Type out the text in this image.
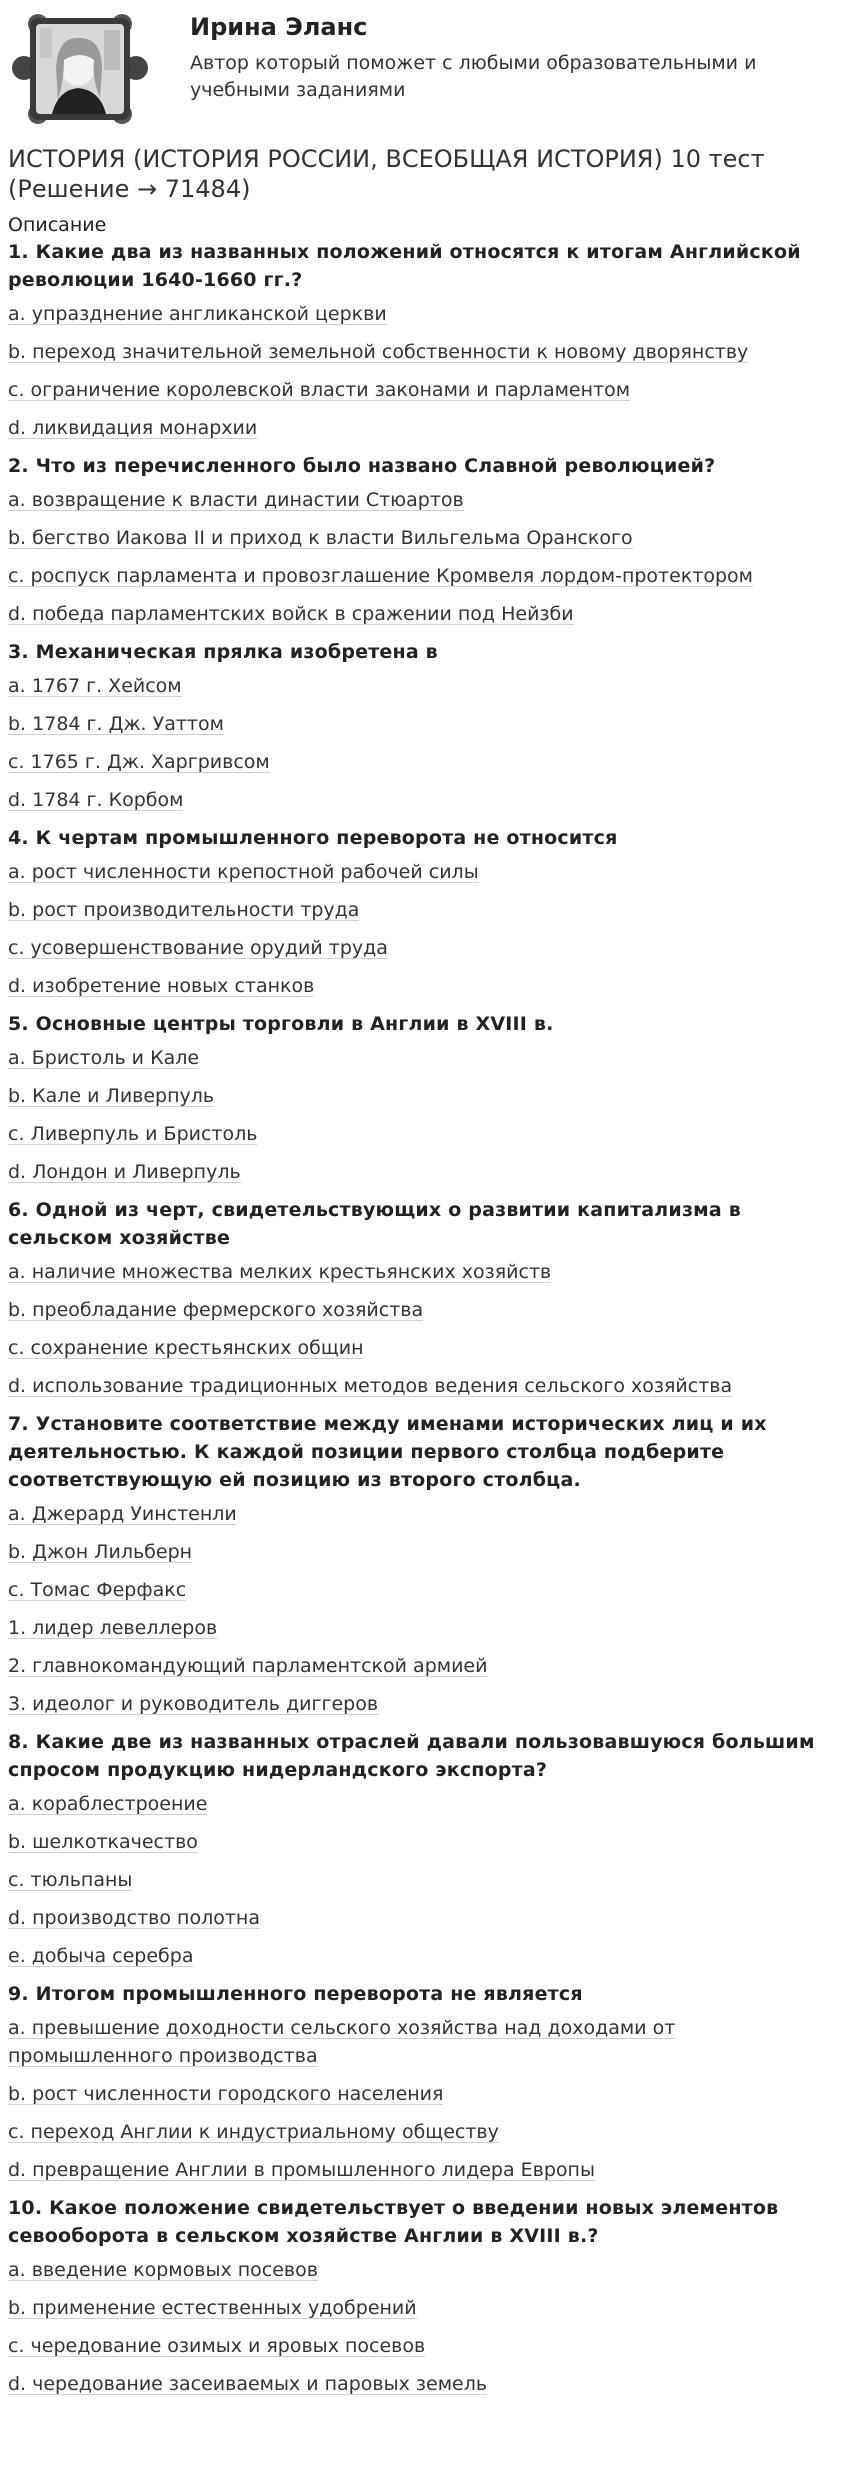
Ирина Эланс

Автор который поможет с любыми образовательными и учебными заданиями

ИСТОРИЯ (ИСТОРИЯ РОССИИ, ВСЕОБЩАЯ ИСТОРИЯ) 10 тест (Решение → 71484)

Описание

1. Какие два из названных положений относятся к итогам Английской революции 1640-1660 гг.?

a. упразднение англиканской церкви

b. переход значительной земельной собственности к новому дворянству

c. ограничение королевской власти законами и парламентом

d. ликвидация монархии

2. Что из перечисленного было названо Славной революцией?

a. возвращение к власти династии Стюартов

b. бегство Иакова II и приход к власти Вильгельма Оранского

c. роспуск парламента и провозглашение Кромвеля лордом-протектором

d. победа парламентских войск в сражении под Нейзби

3. Механическая прялка изобретена в

a. 1767 г. Хейсом

b. 1784 г. Дж. Уаттом

c. 1765 г. Дж. Харгривсом

d. 1784 г. Корбом

4. К чертам промышленного переворота не относится

a. рост численности крепостной рабочей силы

b. рост производительности труда

c. усовершенствование орудий труда

d. изобретение новых станков

5. Основные центры торговли в Англии в XVIII в.

a. Бристоль и Кале

b. Кале и Ливерпуль

c. Ливерпуль и Бристоль

d. Лондон и Ливерпуль

6. Одной из черт, свидетельствующих о развитии капитализма в сельском хозяйстве

a. наличие множества мелких крестьянских хозяйств

b. преобладание фермерского хозяйства

c. сохранение крестьянских общин

d. использование традиционных методов ведения сельского хозяйства

7. Установите соответствие между именами исторических лиц и их деятельностью. К каждой позиции первого столбца подберите соответствующую ей позицию из второго столбца.

a. Джерард Уинстенли

b. Джон Лильберн

c. Томас Ферфакс

1. лидер левеллеров

2. главнокомандующий парламентской армией

3. идеолог и руководитель диггеров

8. Какие две из названных отраслей давали пользовавшуюся большим спросом продукцию нидерландского экспорта?

a. кораблестроение

b. шелкоткачество

c. тюльпаны

d. производство полотна

e. добыча серебра

9. Итогом промышленного переворота не является

a. превышение доходности сельского хозяйства над доходами от промышленного производства

b. рост численности городского населения

c. переход Англии к индустриальному обществу

d. превращение Англии в промышленного лидера Европы

10. Какое положение свидетельствует о введении новых элементов севооборота в сельском хозяйстве Англии в XVIII в.?

a. введение кормовых посевов

b. применение естественных удобрений

c. чередование озимых и яровых посевов

d. чередование засеиваемых и паровых земель
